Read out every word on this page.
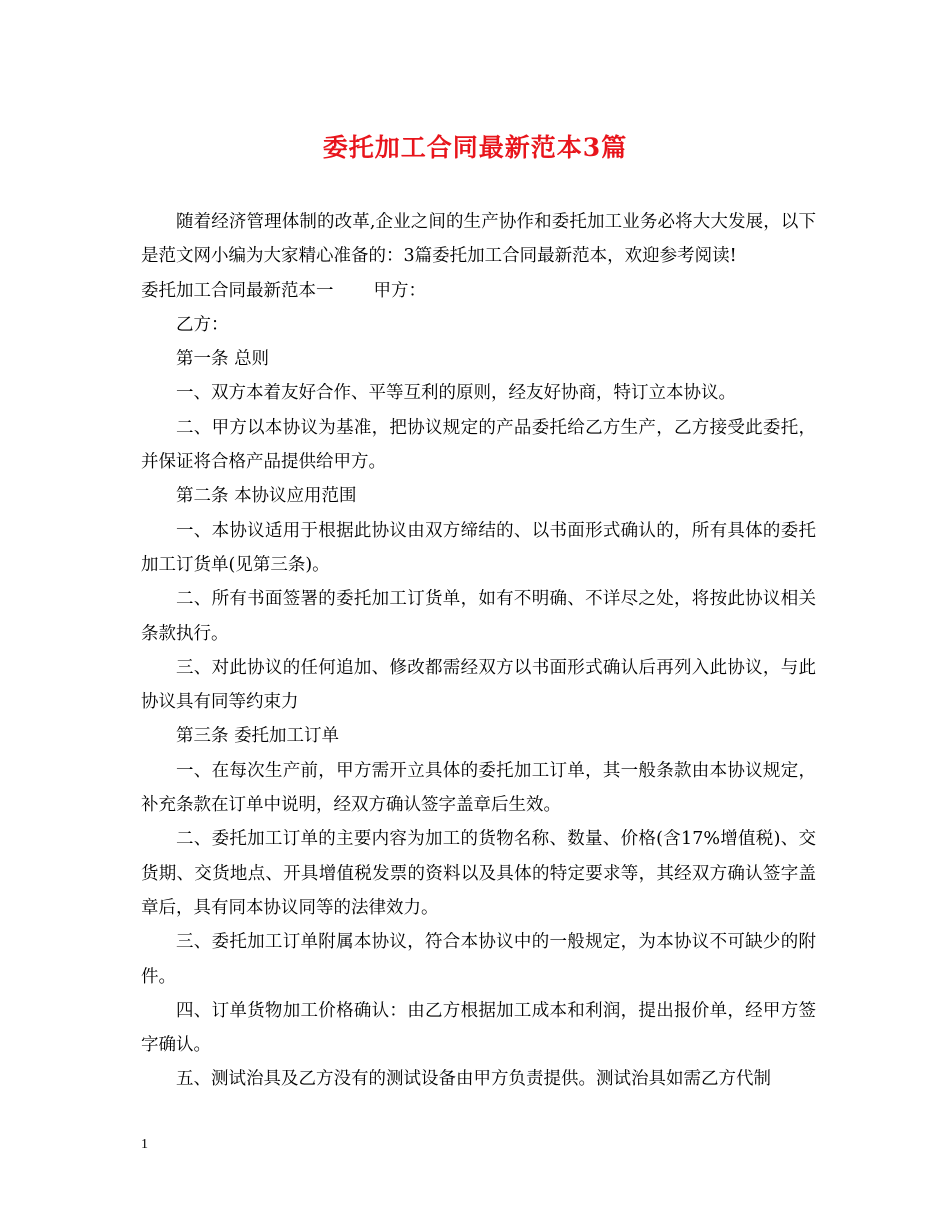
委托加工合同最新范本3篇

随着经济管理体制的改革,企业之间的生产协作和委托加工业务必将大大发展，以下是范文网小编为大家精心准备的：3篇委托加工合同最新范本，欢迎参考阅读!

委托加工合同最新范本一 甲方：

乙方：

第一条 总则

一、双方本着友好合作、平等互利的原则，经友好协商，特订立本协议。

二、甲方以本协议为基准，把协议规定的产品委托给乙方生产，乙方接受此委托，并保证将合格产品提供给甲方。

第二条 本协议应用范围

一、本协议适用于根据此协议由双方缔结的、以书面形式确认的，所有具体的委托加工订货单(见第三条)。

二、所有书面签署的委托加工订货单，如有不明确、不详尽之处，将按此协议相关条款执行。

三、对此协议的任何追加、修改都需经双方以书面形式确认后再列入此协议，与此协议具有同等约束力

第三条 委托加工订单

一、在每次生产前，甲方需开立具体的委托加工订单，其一般条款由本协议规定，补充条款在订单中说明，经双方确认签字盖章后生效。

二、委托加工订单的主要内容为加工的货物名称、数量、价格(含17%增值税)、交货期、交货地点、开具增值税发票的资料以及具体的特定要求等，其经双方确认签字盖章后，具有同本协议同等的法律效力。

三、委托加工订单附属本协议，符合本协议中的一般规定，为本协议不可缺少的附件。

四、订单货物加工价格确认：由乙方根据加工成本和利润，提出报价单，经甲方签字确认。

五、测试治具及乙方没有的测试设备由甲方负责提供。测试治具如需乙方代制

1
